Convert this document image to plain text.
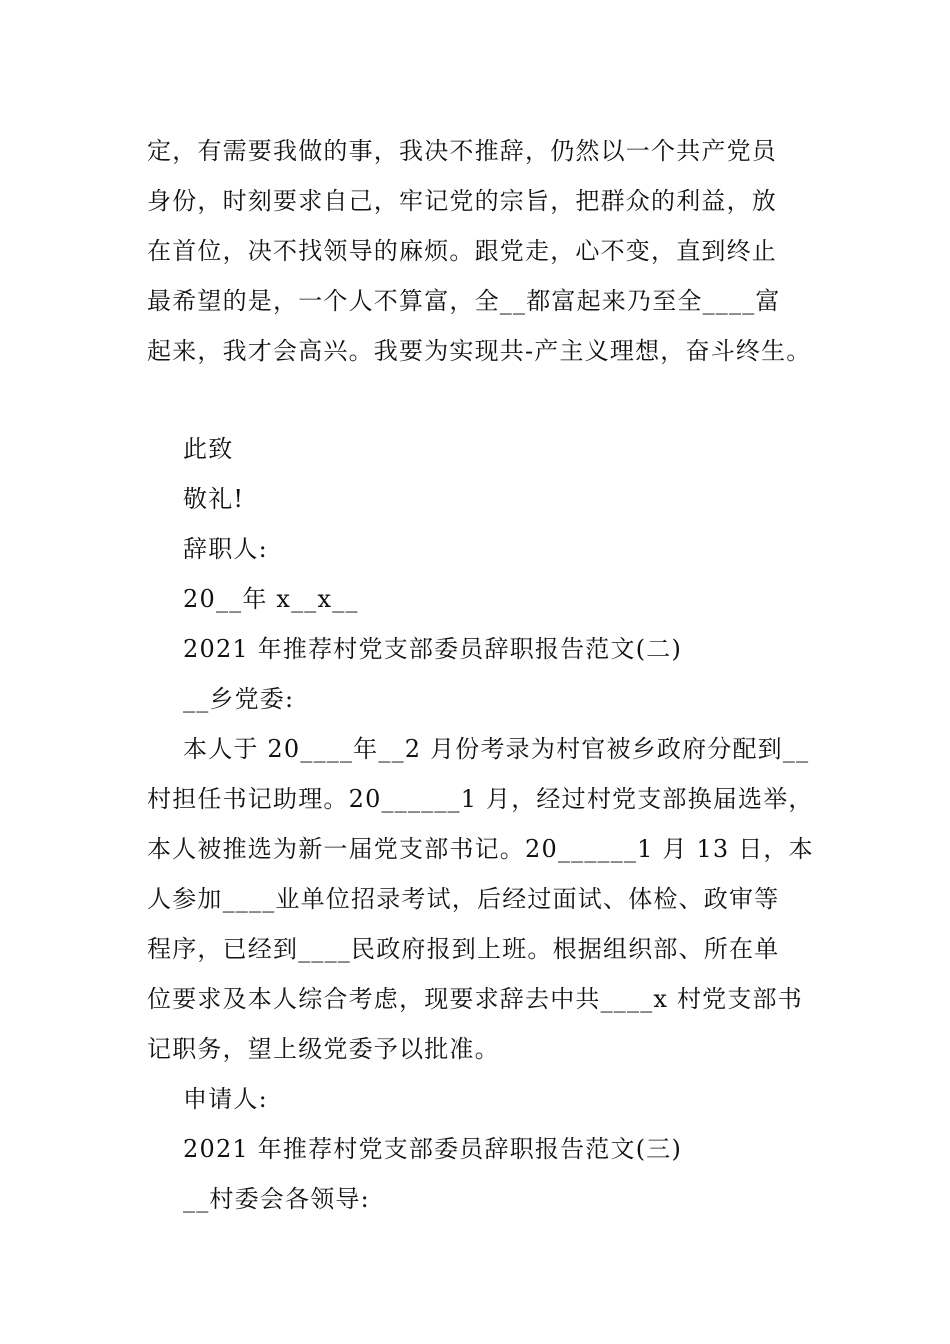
定，有需要我做的事，我决不推辞，仍然以一个共产党员
身份，时刻要求自己，牢记党的宗旨，把群众的利益，放
在首位，决不找领导的麻烦。跟党走，心不变，直到终止
最希望的是，一个人不算富，全__都富起来乃至全____富
起来，我才会高兴。我要为实现共-产主义理想，奋斗终生。
此致
敬礼!
辞职人:
20__年 x__x__
2021 年推荐村党支部委员辞职报告范文(二)
__乡党委:
本人于 20____年__2 月份考录为村官被乡政府分配到__
村担任书记助理。20______1 月，经过村党支部换届选举，
本人被推选为新一届党支部书记。20______1 月 13 日，本
人参加____业单位招录考试，后经过面试、体检、政审等
程序，已经到____民政府报到上班。根据组织部、所在单
位要求及本人综合考虑，现要求辞去中共____x 村党支部书
记职务，望上级党委予以批准。
申请人:
2021 年推荐村党支部委员辞职报告范文(三)
__村委会各领导:
